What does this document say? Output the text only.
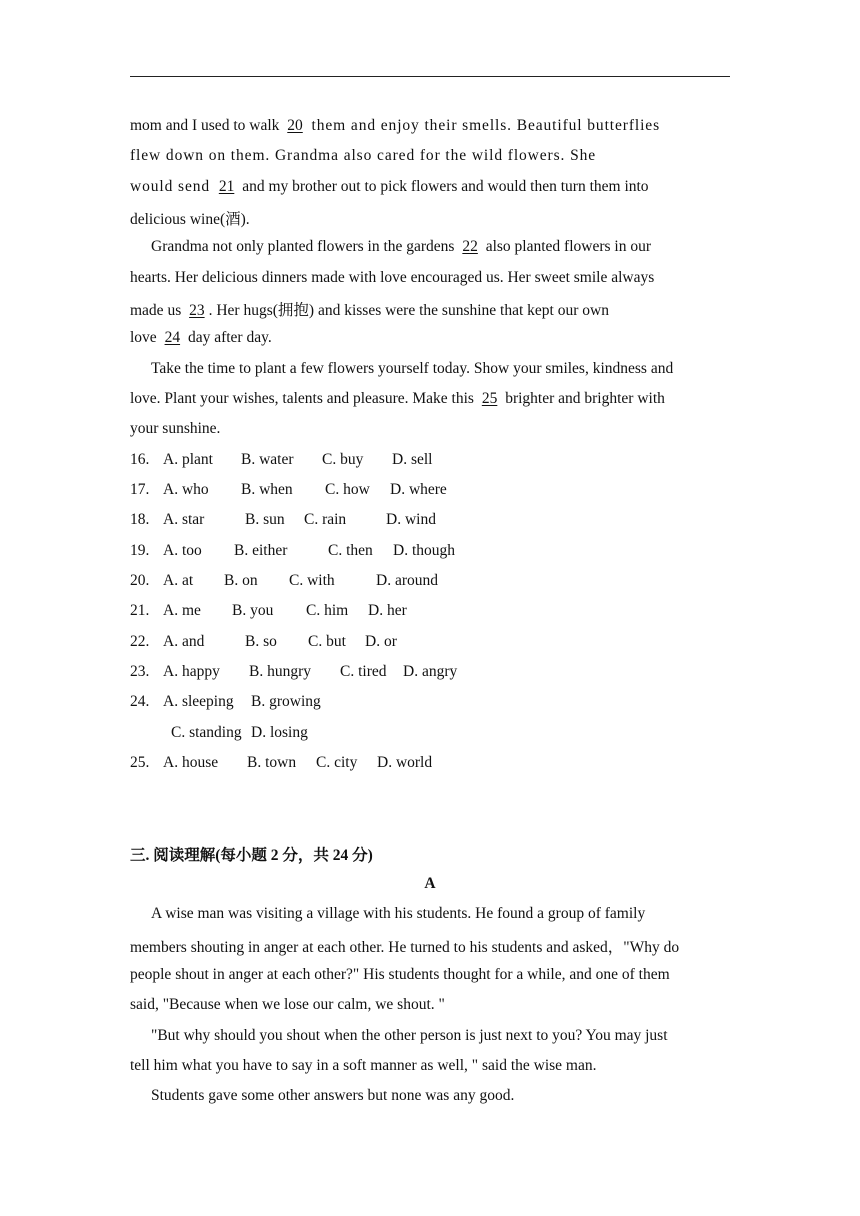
mom and I used to walk 20 them and enjoy their smells. Beautiful butterflies
flew down on them. Grandma also cared for the wild flowers. She
would send 21 and my brother out to pick flowers and would then turn them into
delicious wine(酒).
Grandma not only planted flowers in the gardens 22 also planted flowers in our
hearts. Her delicious dinners made with love encouraged us. Her sweet smile always
made us 23 . Her hugs(拥抱) and kisses were the sunshine that kept our own
love 24 day after day.
Take the time to plant a few flowers yourself today. Show your smiles, kindness and
love. Plant your wishes, talents and pleasure. Make this 25 brighter and brighter with
your sunshine.
16. A. plant B. water C. buy D. sell
17. A. who B. when C. how D. where
18. A. star	B. sun C. rain	D. wind
19. A. too B. either	C. then D. though
20. A. at B. on C. with	D. around
21. A. me B. you C. him D. her
22. A. and	B. so C. but D. or
23. A. happy B. hungry C. tired D. angry
24. A. sleeping B. growing
C. standing D. losing
25. A. house B. town C. city D. world
三. 阅读理解(每小题 2 分，共 24 分)
A
A wise man was visiting a village with his students. He found a group of family
members shouting in anger at each other. He turned to his students and asked，"Why do
people shout in anger at each other?" His students thought for a while, and one of them
said, "Because when we lose our calm, we shout. "
"But why should you shout when the other person is just next to you? You may just
tell him what you have to say in a soft manner as well, " said the wise man.
Students gave some other answers but none was any good.
